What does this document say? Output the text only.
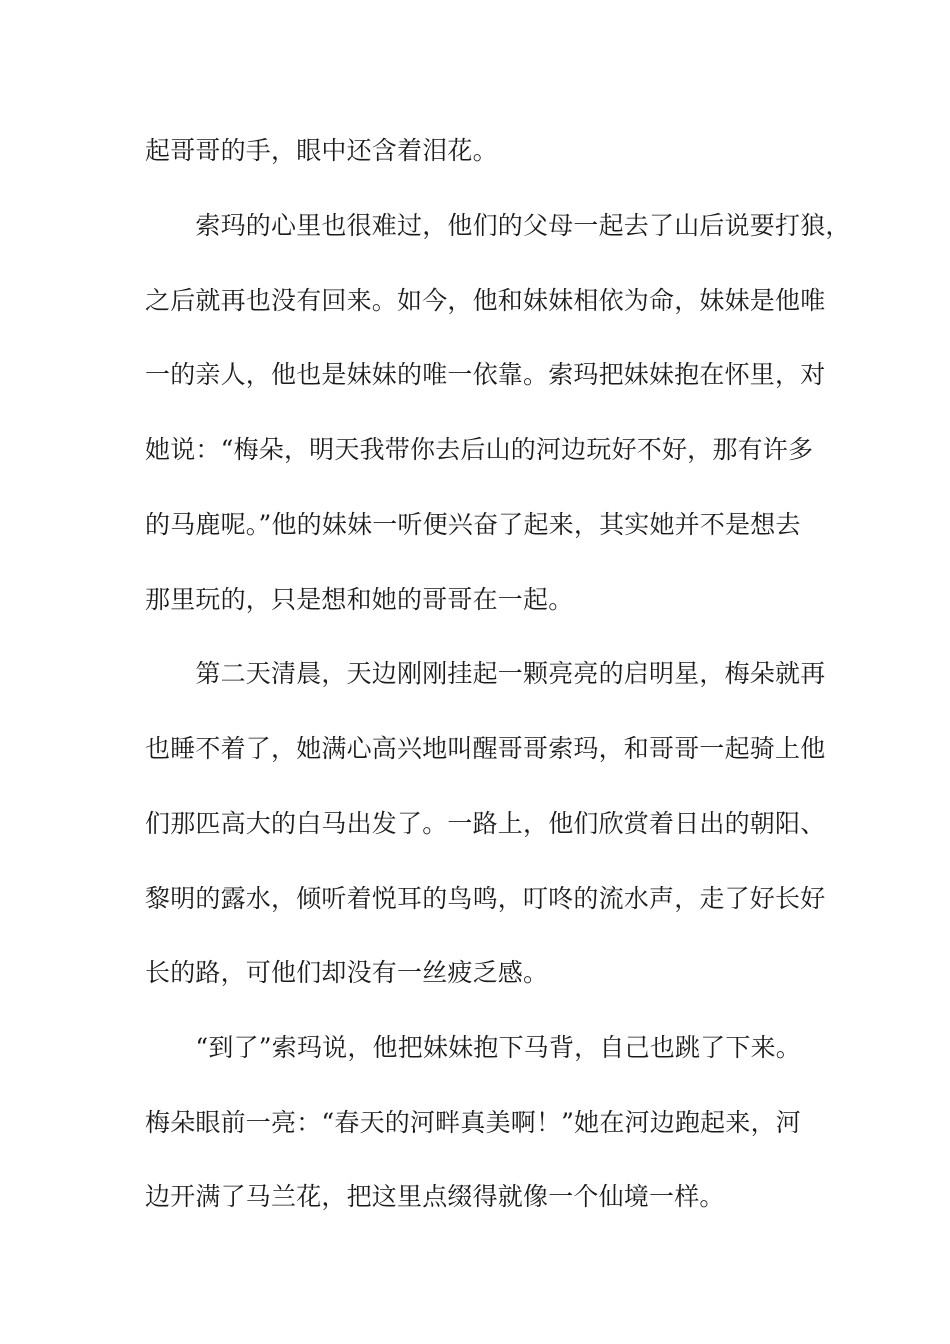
起哥哥的手，眼中还含着泪花。
　　索玛的心里也很难过，他们的父母一起去了山后说要打狼，
之后就再也没有回来。如今，他和妹妹相依为命，妹妹是他唯
一的亲人，他也是妹妹的唯一依靠。索玛把妹妹抱在怀里，对
她说：“梅朵，明天我带你去后山的河边玩好不好，那有许多
的马鹿呢。”他的妹妹一听便兴奋了起来，其实她并不是想去
那里玩的，只是想和她的哥哥在一起。
　　第二天清晨，天边刚刚挂起一颗亮亮的启明星，梅朵就再
也睡不着了，她满心高兴地叫醒哥哥索玛，和哥哥一起骑上他
们那匹高大的白马出发了。一路上，他们欣赏着日出的朝阳、
黎明的露水，倾听着悦耳的鸟鸣，叮咚的流水声，走了好长好
长的路，可他们却没有一丝疲乏感。
　　“到了”索玛说，他把妹妹抱下马背，自己也跳了下来。
梅朵眼前一亮：“春天的河畔真美啊！”她在河边跑起来，河
边开满了马兰花，把这里点缀得就像一个仙境一样。
